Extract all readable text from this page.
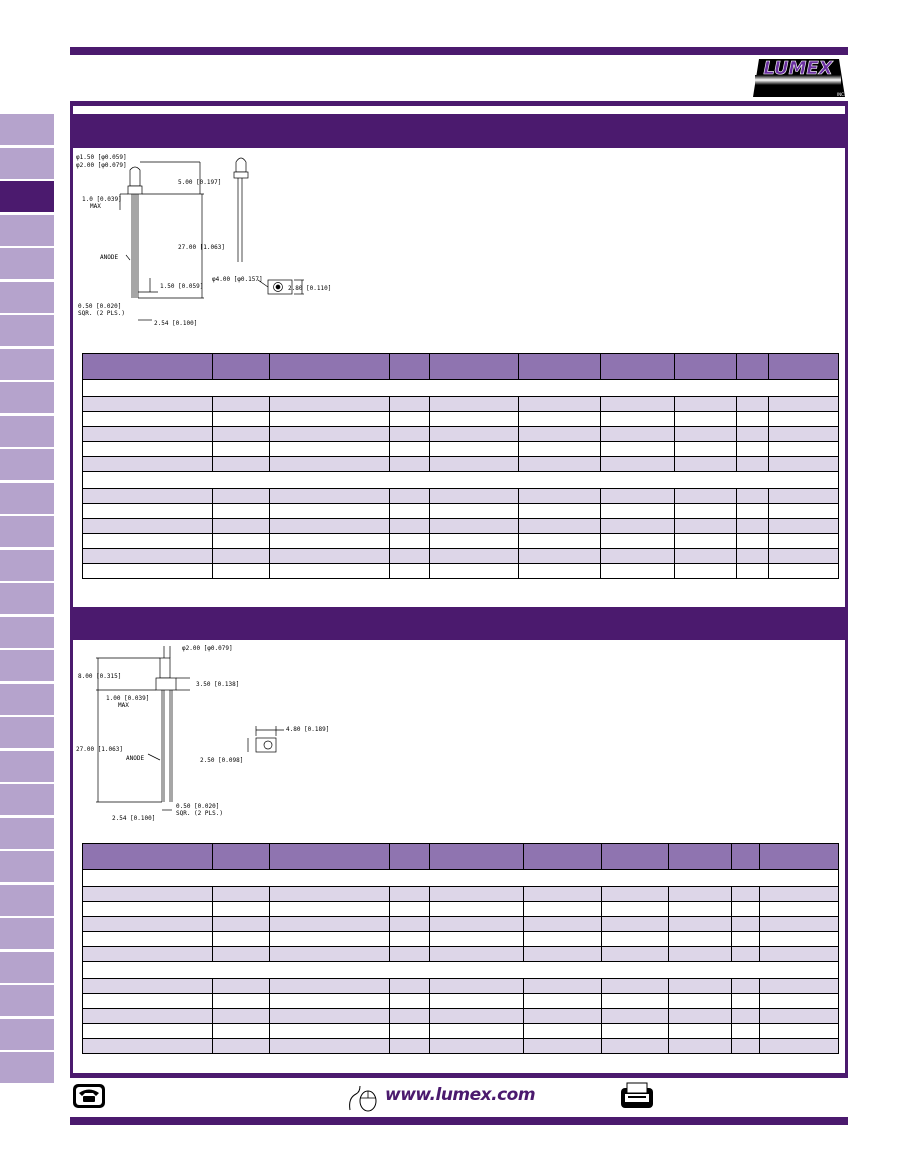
LUMEX
INC.
φ1.50 [φ0.059]
φ2.00 [φ0.079]
5.00 [0.197]
1.0 [0.039]
MAX
27.00 [1.063]
ANODE
1.50 [0.059]
0.50 [0.020]
SQR. (2 PLS.)
2.54 [0.100]
φ4.00 [φ0.157]
2.80 [0.110]
φ2.00 [φ0.079]
8.00 [0.315]
3.50 [0.138]
1.00 [0.039]
MAX
4.80 [0.189]
27.00 [1.063]
ANODE	2.50 [0.098]
0.50 [0.020]
SQR. (2 PLS.)
2.54 [0.100]

www.lumex.com
